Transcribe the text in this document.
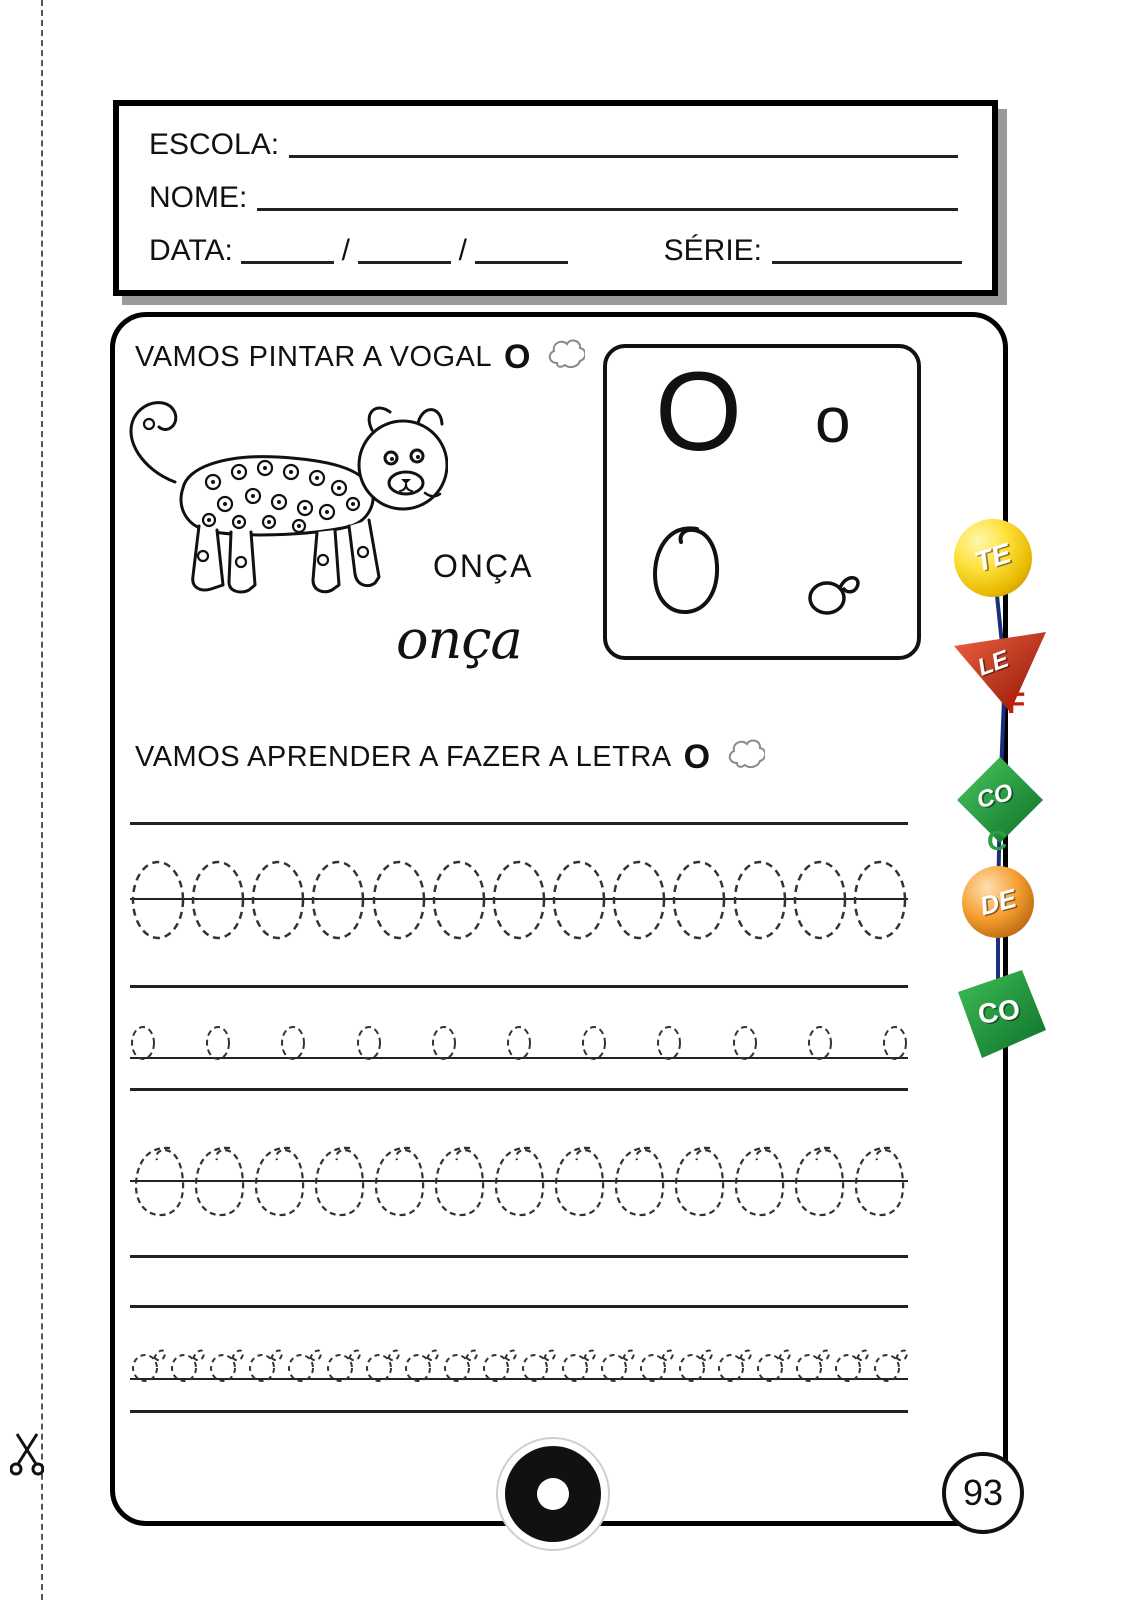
ESCOLA:
NOME:
DATA:	/	/	SÉRIE:
VAMOS PINTAR A VOGAL O
ONÇA
onça
O o
VAMOS APRENDER A FAZER A LETRA O
TE
LE
F
CO
C
DE
CO
93
